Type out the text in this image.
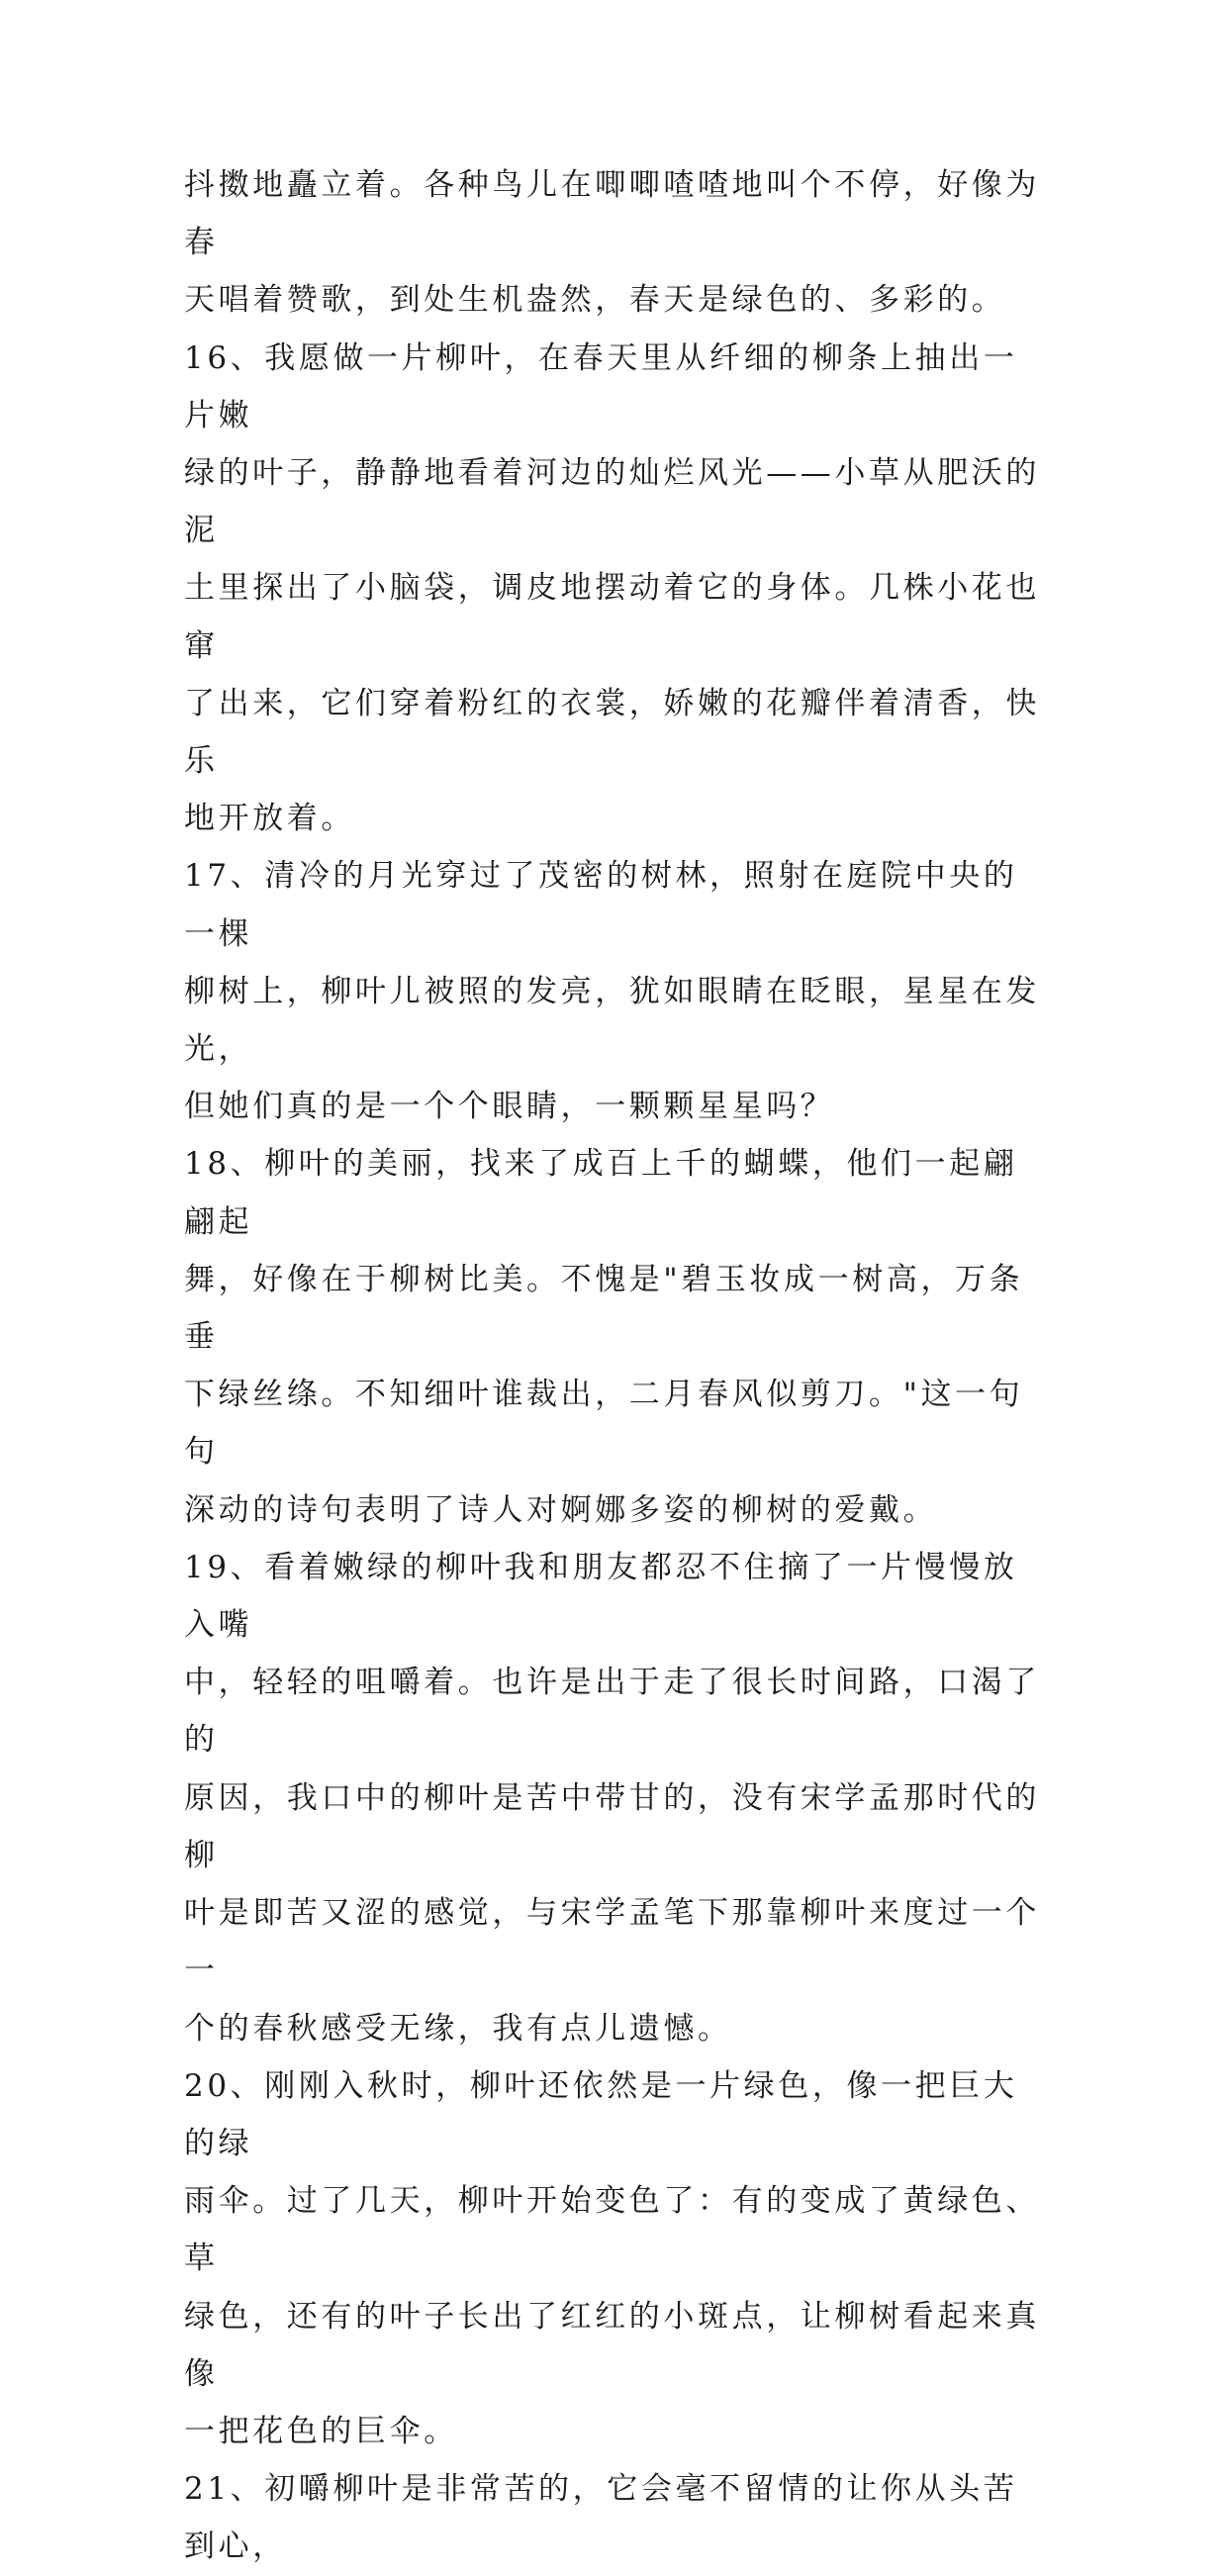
抖擞地矗立着。各种鸟儿在唧唧喳喳地叫个不停，好像为春
天唱着赞歌，到处生机盎然，春天是绿色的、多彩的。

16、我愿做一片柳叶，在春天里从纤细的柳条上抽出一片嫩
绿的叶子，静静地看着河边的灿烂风光——小草从肥沃的泥
土里探出了小脑袋，调皮地摆动着它的身体。几株小花也窜
了出来，它们穿着粉红的衣裳，娇嫩的花瓣伴着清香，快乐
地开放着。

17、清冷的月光穿过了茂密的树林，照射在庭院中央的一棵
柳树上，柳叶儿被照的发亮，犹如眼睛在眨眼，星星在发光，
但她们真的是一个个眼睛，一颗颗星星吗？

18、柳叶的美丽，找来了成百上千的蝴蝶，他们一起翩翩起
舞，好像在于柳树比美。不愧是"碧玉妆成一树高，万条垂
下绿丝绦。不知细叶谁裁出，二月春风似剪刀。"这一句句
深动的诗句表明了诗人对婀娜多姿的柳树的爱戴。

19、看着嫩绿的柳叶我和朋友都忍不住摘了一片慢慢放入嘴
中，轻轻的咀嚼着。也许是出于走了很长时间路，口渴了的
原因，我口中的柳叶是苦中带甘的，没有宋学孟那时代的柳
叶是即苦又涩的感觉，与宋学孟笔下那靠柳叶来度过一个一
个的春秋感受无缘，我有点儿遗憾。

20、刚刚入秋时，柳叶还依然是一片绿色，像一把巨大的绿
雨伞。过了几天，柳叶开始变色了：有的变成了黄绿色、草
绿色，还有的叶子长出了红红的小斑点，让柳树看起来真像
一把花色的巨伞。

21、初嚼柳叶是非常苦的，它会毫不留情的让你从头苦到心，
